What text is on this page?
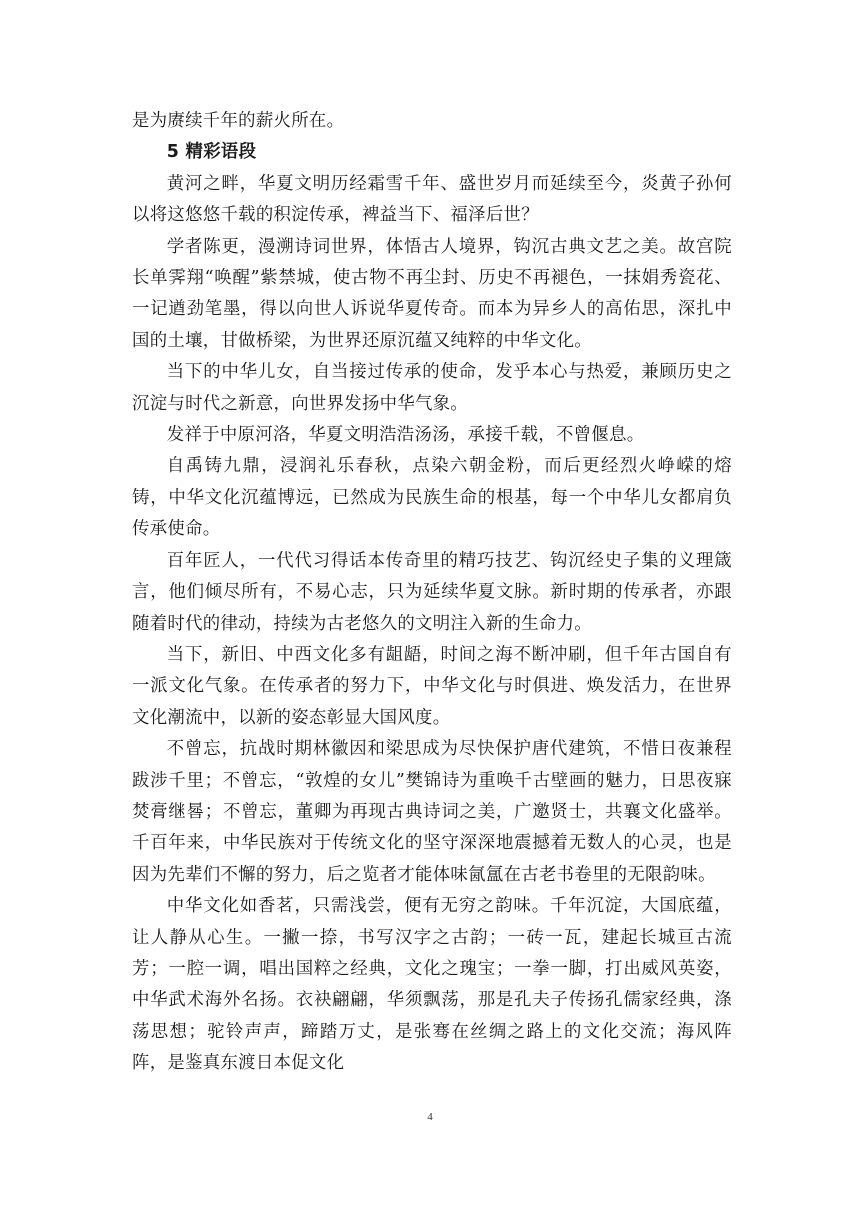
是为赓续千年的薪火所在。

5 精彩语段

黄河之畔，华夏文明历经霜雪千年、盛世岁月而延续至今，炎黄子孙何以将这悠悠千载的积淀传承，裨益当下、福泽后世？

学者陈更，漫溯诗词世界，体悟古人境界，钩沉古典文艺之美。故宫院长单霁翔“唤醒”紫禁城，使古物不再尘封、历史不再褪色，一抹娟秀瓷花、一记遒劲笔墨，得以向世人诉说华夏传奇。而本为异乡人的高佑思，深扎中国的土壤，甘做桥梁，为世界还原沉蕴又纯粹的中华文化。

当下的中华儿女，自当接过传承的使命，发乎本心与热爱，兼顾历史之沉淀与时代之新意，向世界发扬中华气象。

发祥于中原河洛，华夏文明浩浩汤汤，承接千载，不曾偃息。

自禹铸九鼎，浸润礼乐春秋，点染六朝金粉，而后更经烈火峥嵘的熔铸，中华文化沉蕴博远，已然成为民族生命的根基，每一个中华儿女都肩负传承使命。

百年匠人，一代代习得话本传奇里的精巧技艺、钩沉经史子集的义理箴言，他们倾尽所有，不易心志，只为延续华夏文脉。新时期的传承者，亦跟随着时代的律动，持续为古老悠久的文明注入新的生命力。

当下，新旧、中西文化多有龃龉，时间之海不断冲刷，但千年古国自有一派文化气象。在传承者的努力下，中华文化与时俱进、焕发活力，在世界文化潮流中，以新的姿态彰显大国风度。

不曾忘，抗战时期林徽因和梁思成为尽快保护唐代建筑，不惜日夜兼程跋涉千里；不曾忘，“敦煌的女儿”樊锦诗为重唤千古壁画的魅力，日思夜寐焚膏继晷；不曾忘，董卿为再现古典诗词之美，广邀贤士，共襄文化盛举。千百年来，中华民族对于传统文化的坚守深深地震撼着无数人的心灵，也是因为先辈们不懈的努力，后之览者才能体味氤氲在古老书卷里的无限韵味。

中华文化如香茗，只需浅尝，便有无穷之韵味。千年沉淀，大国底蕴，让人静从心生。一撇一捺，书写汉字之古韵；一砖一瓦，建起长城亘古流芳；一腔一调，唱出国粹之经典，文化之瑰宝；一拳一脚，打出威风英姿，中华武术海外名扬。衣袂翩翩，华须飘荡，那是孔夫子传扬孔儒家经典，涤荡思想；驼铃声声，蹄踏万丈，是张骞在丝绸之路上的文化交流；海风阵阵，是鉴真东渡日本促文化

4
